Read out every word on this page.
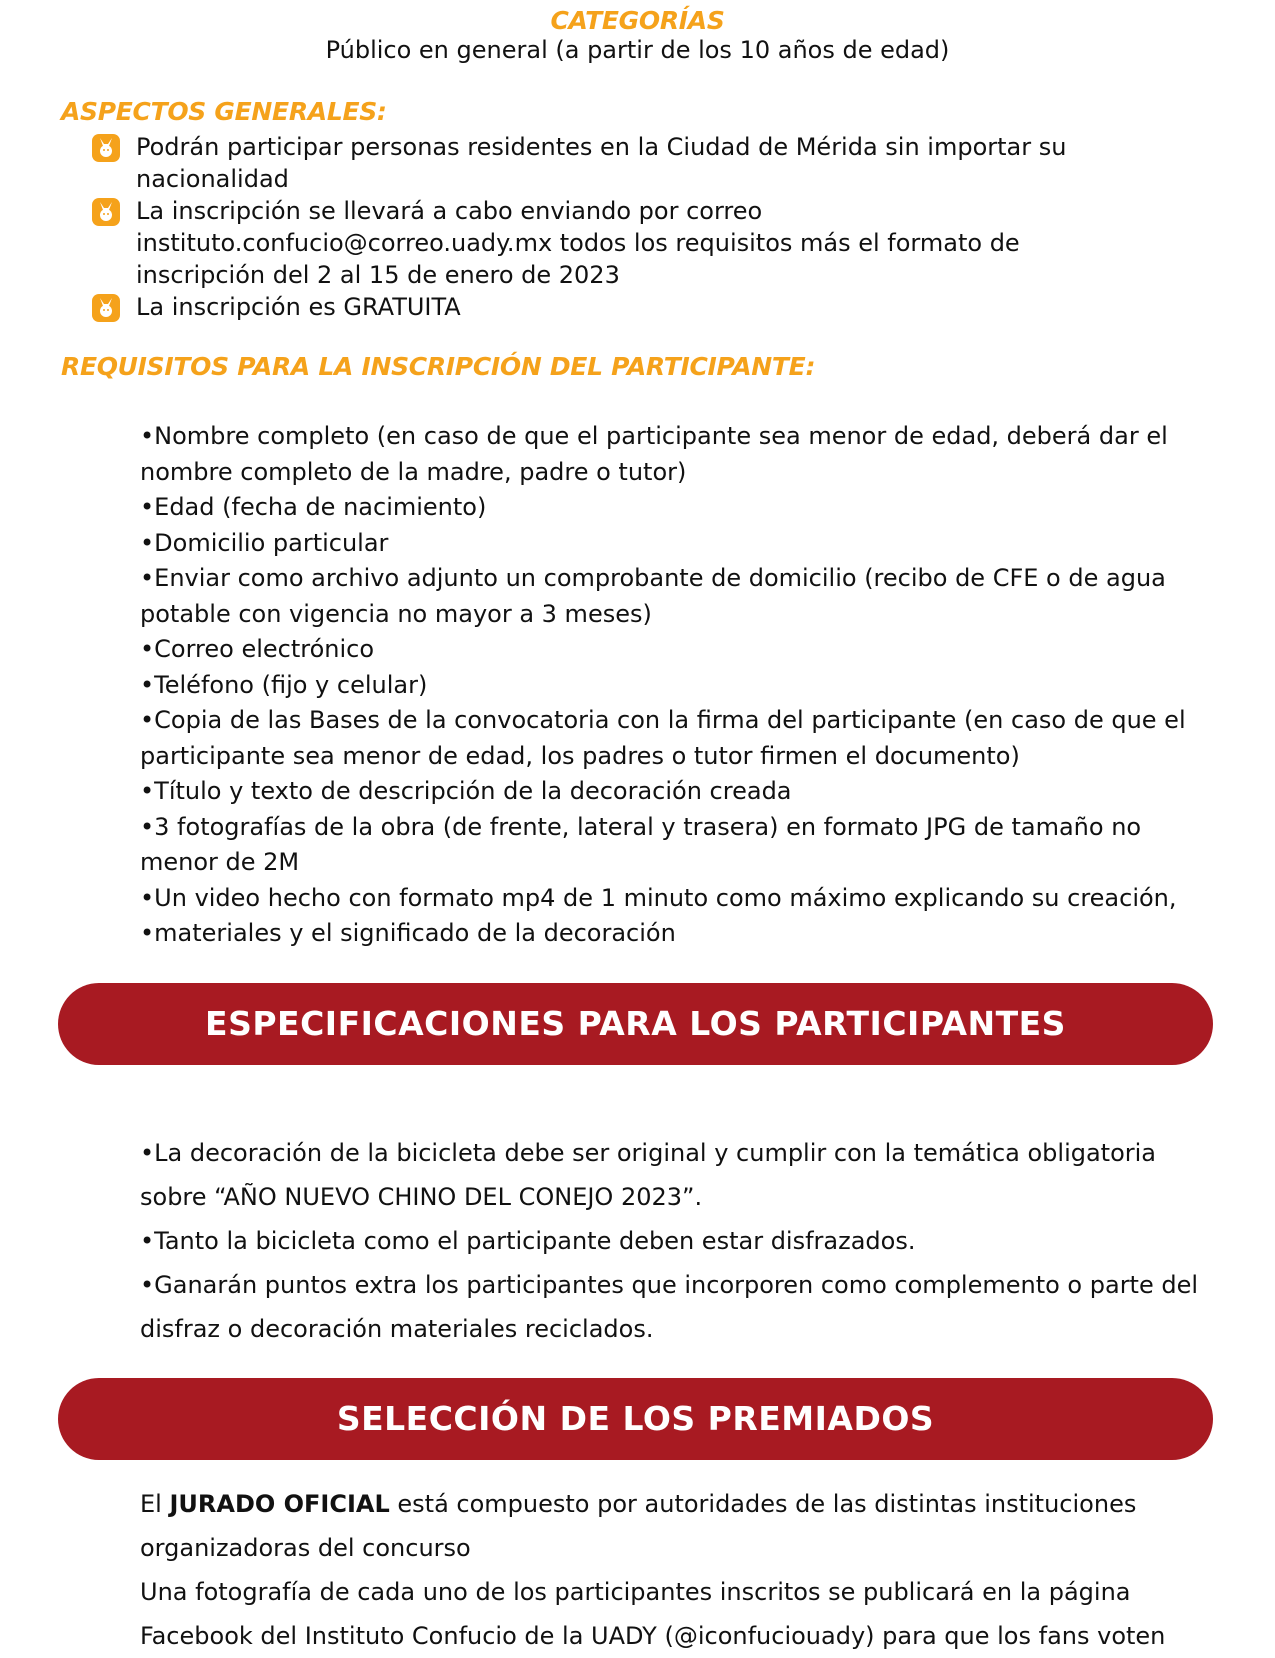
CATEGORÍAS
Público en general (a partir de los 10 años de edad)
ASPECTOS GENERALES:
Podrán participar personas residentes en la Ciudad de Mérida sin importar su nacionalidad
La inscripción se llevará a cabo enviando por correo instituto.confucio@correo.uady.mx todos los requisitos más el formato de inscripción del 2 al 15 de enero de 2023
La inscripción es GRATUITA
REQUISITOS PARA LA INSCRIPCIÓN DEL PARTICIPANTE:

•Nombre completo (en caso de que el participante sea menor de edad, deberá dar el nombre completo de la madre, padre o tutor)

•Edad (fecha de nacimiento)

•Domicilio particular

•Enviar como archivo adjunto un comprobante de domicilio (recibo de CFE o de agua potable con vigencia no mayor a 3 meses)

•Correo electrónico

•Teléfono (fijo y celular)

•Copia de las Bases de la convocatoria con la firma del participante (en caso de que el participante sea menor de edad, los padres o tutor firmen el documento)

•Título y texto de descripción de la decoración creada

•3 fotografías de la obra (de frente, lateral y trasera) en formato JPG de tamaño no menor de 2M

•Un video hecho con formato mp4 de 1 minuto como máximo explicando su creación,

•materiales y el significado de la decoración

ESPECIFICACIONES PARA LOS PARTICIPANTES
•La decoración de la bicicleta debe ser original y cumplir con la temática obligatoria sobre “AÑO NUEVO CHINO DEL CONEJO 2023”.
•Tanto la bicicleta como el participante deben estar disfrazados.
•Ganarán puntos extra los participantes que incorporen como complemento o parte del disfraz o decoración materiales reciclados.
SELECCIÓN DE LOS PREMIADOS

El JURADO OFICIAL está compuesto por autoridades de las distintas instituciones organizadoras del concurso

Una fotografía de cada uno de los participantes inscritos se publicará en la página Facebook del Instituto Confucio de la UADY (@iconfuciouady) para que los fans voten
